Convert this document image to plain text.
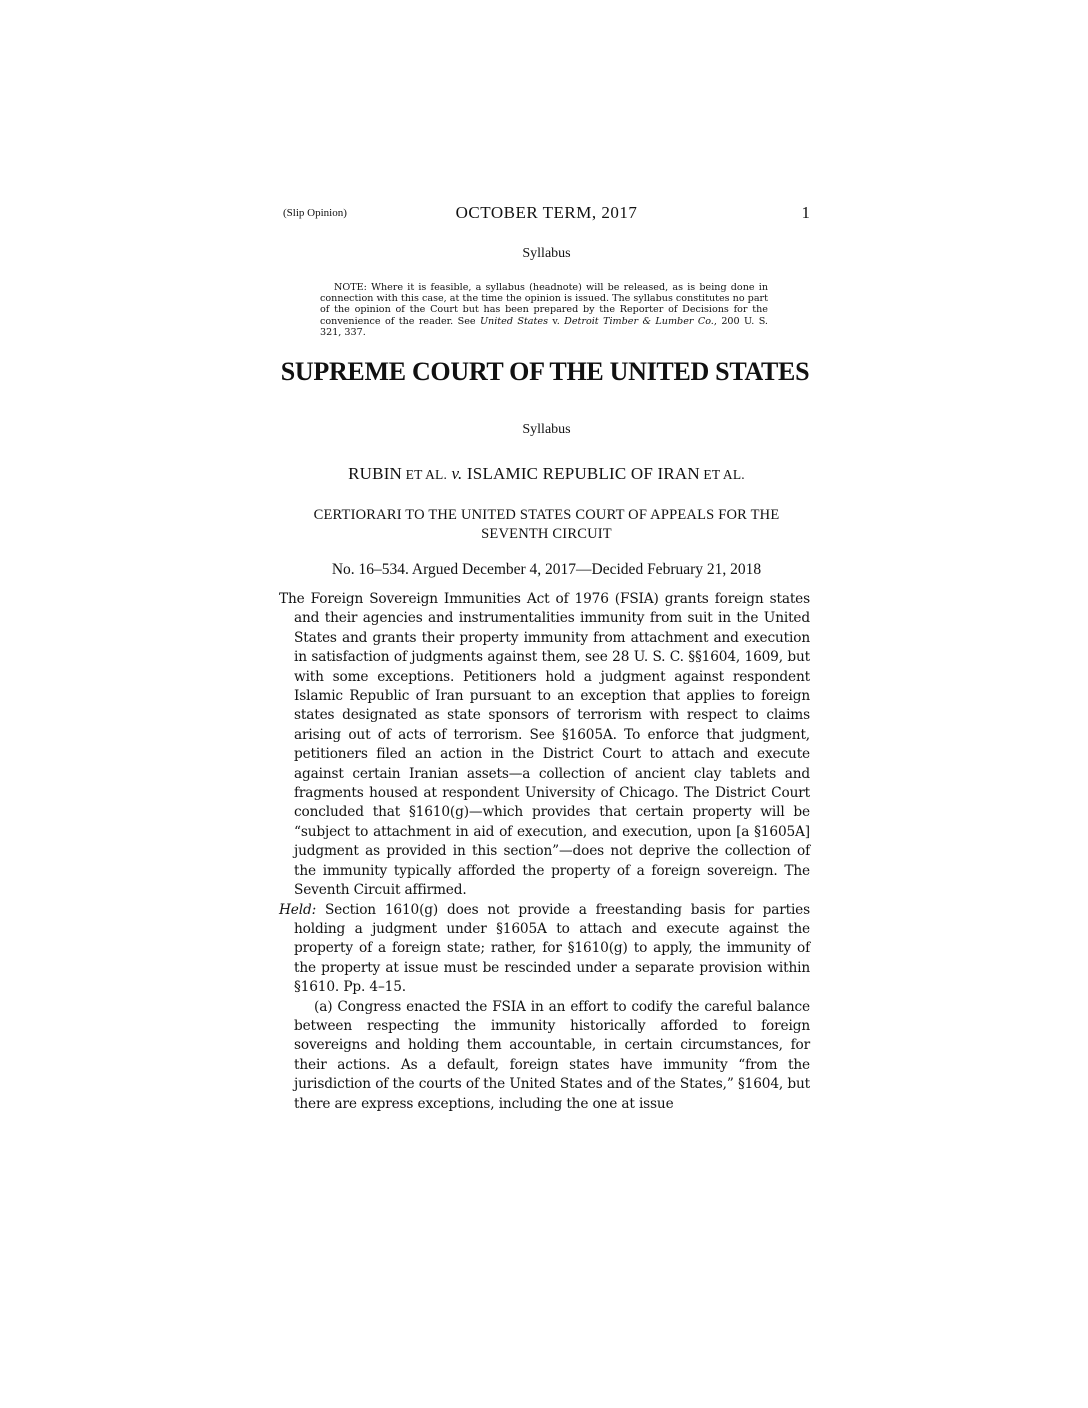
(Slip Opinion)	OCTOBER TERM, 2017	1
Syllabus

NOTE: Where it is feasible, a syllabus (headnote) will be released, as is being done in connection with this case, at the time the opinion is issued. The syllabus constitutes no part of the opinion of the Court but has been prepared by the Reporter of Decisions for the convenience of the reader. See United States v. Detroit Timber & Lumber Co., 200 U. S. 321, 337.

SUPREME COURT OF THE UNITED STATES
Syllabus
RUBIN ET AL. v. ISLAMIC REPUBLIC OF IRAN ET AL.
CERTIORARI TO THE UNITED STATES COURT OF APPEALS FOR THE SEVENTH CIRCUIT
No. 16–534. Argued December 4, 2017—Decided February 21, 2018

The Foreign Sovereign Immunities Act of 1976 (FSIA) grants foreign states and their agencies and instrumentalities immunity from suit in the United States and grants their property immunity from attachment and execution in satisfaction of judgments against them, see 28 U. S. C. §§1604, 1609, but with some exceptions. Petitioners hold a judgment against respondent Islamic Republic of Iran pursuant to an exception that applies to foreign states designated as state sponsors of terrorism with respect to claims arising out of acts of terrorism. See §1605A. To enforce that judgment, petitioners filed an action in the District Court to attach and execute against certain Iranian assets—a collection of ancient clay tablets and fragments housed at respondent University of Chicago. The District Court concluded that §1610(g)—which provides that certain property will be “subject to attachment in aid of execution, and execution, upon [a §1605A] judgment as provided in this section”—does not deprive the collection of the immunity typically afforded the property of a foreign sovereign. The Seventh Circuit affirmed.

Held: Section 1610(g) does not provide a freestanding basis for parties holding a judgment under §1605A to attach and execute against the property of a foreign state; rather, for §1610(g) to apply, the immunity of the property at issue must be rescinded under a separate provision within §1610. Pp. 4–15.

(a) Congress enacted the FSIA in an effort to codify the careful balance between respecting the immunity historically afforded to foreign sovereigns and holding them accountable, in certain circumstances, for their actions. As a default, foreign states have immunity “from the jurisdiction of the courts of the United States and of the States,” §1604, but there are express exceptions, including the one at issue
